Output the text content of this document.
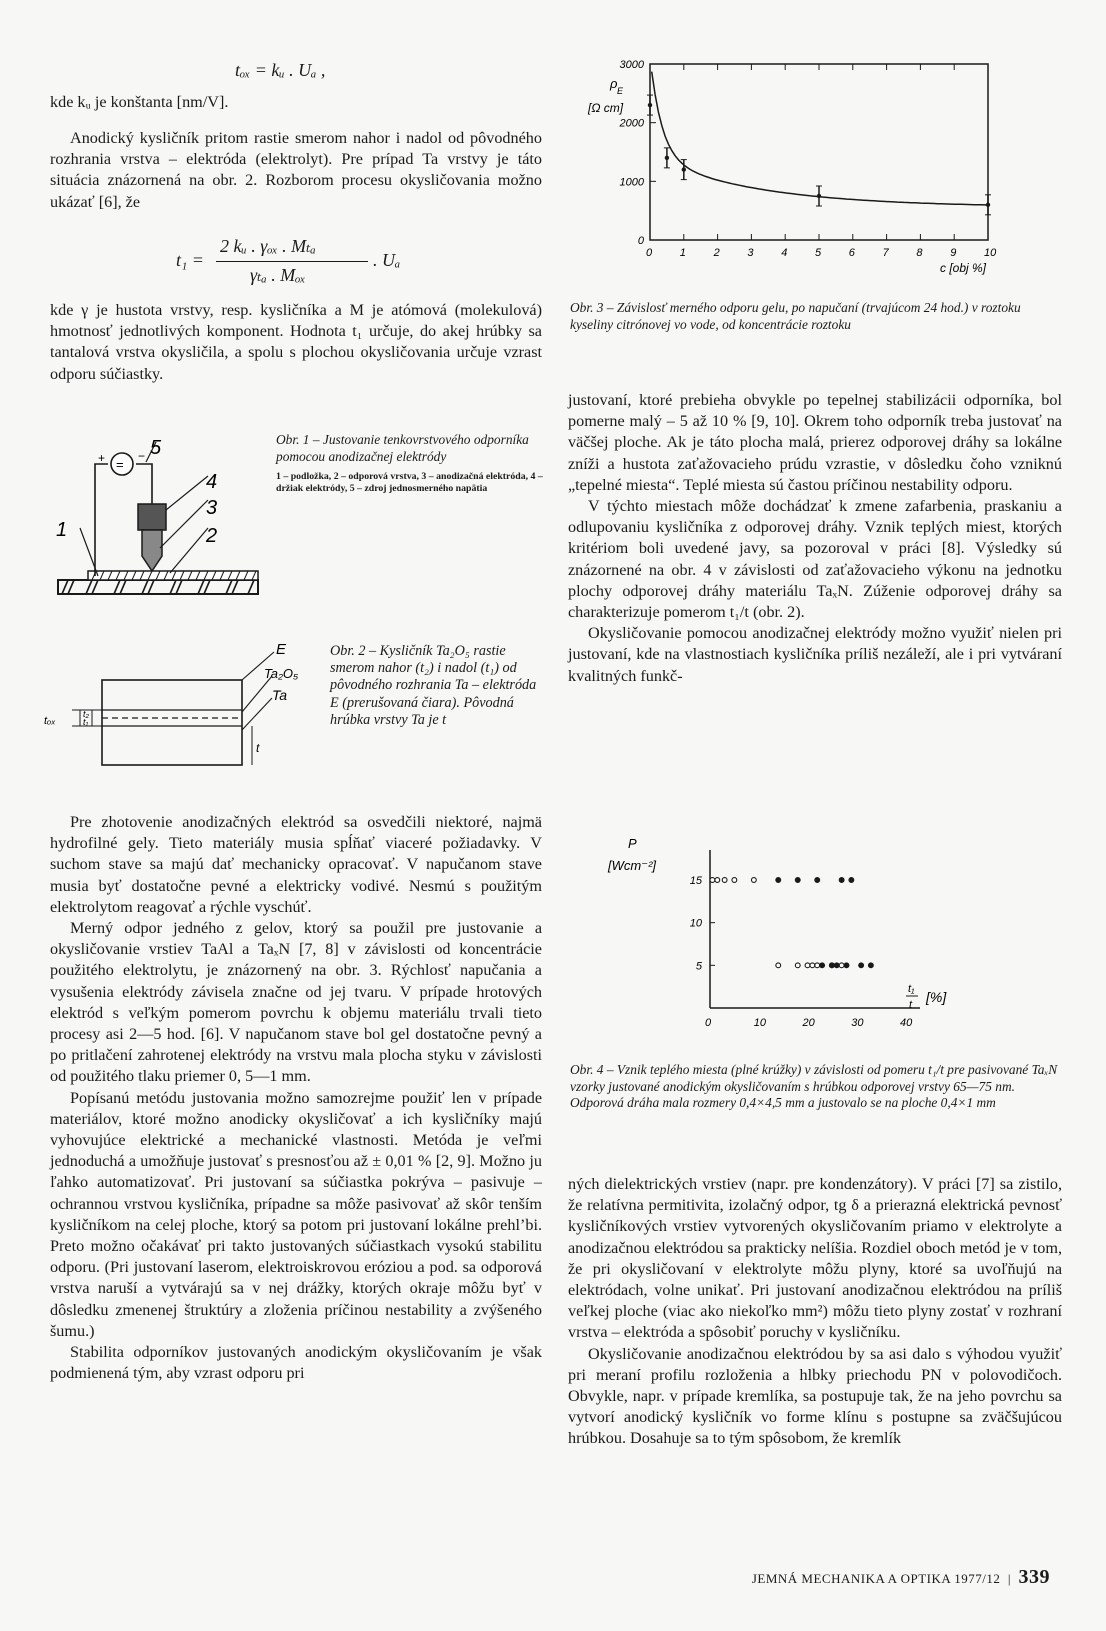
tₒₓ = kᵤ . Uₐ ,

kde kᵤ je konštanta [nm/V].

Anodický kysličník pritom rastie smerom nahor i nadol od pôvodného rozhrania vrstva – elektróda (elektrolyt). Pre prípad Ta vrstvy je táto situácia znázornená na obr. 2. Rozborom procesu okysličovania možno ukázať [6], že

t₁ =
2 kᵤ . γₒₓ . Mₜₐ
γₜₐ . Mₒₓ
. Uₐ

kde γ je hustota vrstvy, resp. kysličníka a M je atómová (molekulová) hmotnosť jednotlivých komponent. Hodnota t₁ určuje, do akej hrúbky sa tantalová vrstva okysličila, a spolu s plochou okysličovania určuje vzrast odporu súčiastky.

=
+	−
1	2
3
4
5	Obr. 1 – Justovanie tenkovrstvového odporníka pomocou anodizačnej elektródy
1 – podložka, 2 – odporová vrstva, 3 – anodizačná elektróda, 4 – držiak elektródy, 5 – zdroj jednosmerného napätia
E
Ta₂O₅
Ta
tₒₓ
t₂
t₁
t
Obr. 2 – Kysličník Ta₂O₅ rastie smerom nahor (t₂) i nadol (t₁) od pôvodného rozhrania Ta – elektróda E (prerušovaná čiara). Pôvodná hrúbka vrstvy Ta je t

Pre zhotovenie anodizačných elektród sa osvedčili niektoré, najmä hydrofilné gely. Tieto materiály musia spĺňať viaceré požiadavky. V suchom stave sa majú dať mechanicky opracovať. V napučanom stave musia byť dostatočne pevné a elektricky vodivé. Nesmú s použitým elektrolytom reagovať a rýchle vyschúť.

Merný odpor jedného z gelov, ktorý sa použil pre justovanie a okysličovanie vrstiev TaAl a TaₓN [7, 8] v závislosti od koncentrácie použitého elektrolytu, je znázornený na obr. 3. Rýchlosť napučania a vysušenia elektródy závisela značne od jej tvaru. V prípade hrotových elektród s veľkým pomerom povrchu k objemu materiálu trvali tieto procesy asi 2—5 hod. [6]. V napučanom stave bol gel dostatočne pevný a po pritlačení zahrotenej elektródy na vrstvu mala plocha styku v závislosti od použitého tlaku priemer 0, 5—1 mm.

Popísanú metódu justovania možno samozrejme použiť len v prípade materiálov, ktoré možno anodicky okysličovať a ich kysličníky majú vyhovujúce elektrické a mechanické vlastnosti. Metóda je veľmi jednoduchá a umožňuje justovať s presnosťou až ± 0,01 % [2, 9]. Možno ju ľahko automatizovať. Pri justovaní sa súčiastka pokrýva – pasivuje – ochrannou vrstvou kysličníka, prípadne sa môže pasivovať až skôr tenším kysličníkom na celej ploche, ktorý sa potom pri justovaní lokálne prehl’bi. Preto možno očakávať pri takto justovaných súčiastkach vysokú stabilitu odporu. (Pri justovaní laserom, elektroiskrovou eróziou a pod. sa odporová vrstva naruší a vytvárajú sa v nej drážky, ktorých okraje môžu byť v dôsledku zmenenej štruktúry a zloženia príčinou nestability a zvýšeného šumu.)

Stabilita odporníkov justovaných anodickým okysličovaním je však podmienená tým, aby vzrast odporu pri

0	1	2	3	4	5	6	7	8	9	10
0
1000
2000
3000
ρ E
[Ω cm]
c [obj %]
Obr. 3 – Závislosť merného odporu gelu, po napučaní (trvajúcom 24 hod.) v roztoku kyseliny citrónovej vo vode, od koncentrácie roztoku

justovaní, ktoré prebieha obvykle po tepelnej stabilizácii odporníka, bol pomerne malý – 5 až 10 % [9, 10]. Okrem toho odporník treba justovať na väčšej ploche. Ak je táto plocha malá, prierez odporovej dráhy sa lokálne zníži a hustota zaťažovacieho prúdu vzrastie, v dôsledku čoho vzniknú „tepelné miesta“. Teplé miesta sú častou príčinou nestability odporu.

V týchto miestach môže dochádzať k zmene zafarbenia, praskaniu a odlupovaniu kysličníka z odporovej dráhy. Vznik teplých miest, ktorých kritériom boli uvedené javy, sa pozoroval v práci [8]. Výsledky sú znázornené na obr. 4 v závislosti od zaťažovacieho výkonu na jednotku plochy odporovej dráhy materiálu TaₓN. Zúženie odporovej dráhy sa charakterizuje pomerom t₁/t (obr. 2).

Okysličovanie pomocou anodizačnej elektródy možno využiť nielen pri justovaní, kde na vlastnostiach kysličníka príliš nezáleží, ale i pri vytváraní kvalitných funkč-

5
10
15
0	10	20	30	40
P
[Wcm⁻²]
t₁
t [%]
Obr. 4 – Vznik teplého miesta (plné krúžky) v závislosti od pomeru t₁/t pre pasivované TaₓN vzorky justované anodickým okysličovaním s hrúbkou odporovej vrstvy 65—75 nm. Odporová dráha mala rozmery 0,4×4,5 mm a justovalo se na ploche 0,4×1 mm

ných dielektrických vrstiev (napr. pre kondenzátory). V práci [7] sa zistilo, že relatívna permitivita, izolačný odpor, tg δ a prierazná elektrická pevnosť kysličníkových vrstiev vytvorených okysličovaním priamo v elektrolyte a anodizačnou elektródou sa prakticky nelíšia. Rozdiel oboch metód je v tom, že pri okysličovaní v elektrolyte môžu plyny, ktoré sa uvoľňujú na elektródach, volne unikať. Pri justovaní anodizačnou elektródou na príliš veľkej ploche (viac ako niekoľko mm²) môžu tieto plyny zostať v rozhraní vrstva – elektróda a spôsobiť poruchy v kysličníku.

Okysličovanie anodizačnou elektródou by sa asi dalo s výhodou využiť pri meraní profilu rozloženia a hlbky priechodu PN v polovodičoch. Obvykle, napr. v prípade kremlíka, sa postupuje tak, že na jeho povrchu sa vytvorí anodický kysličník vo forme klínu s postupne sa zväčšujúcou hrúbkou. Dosahuje sa to tým spôsobom, že kremlík

JEMNÁ MECHANIKA A OPTIKA 1977/12  |  339
